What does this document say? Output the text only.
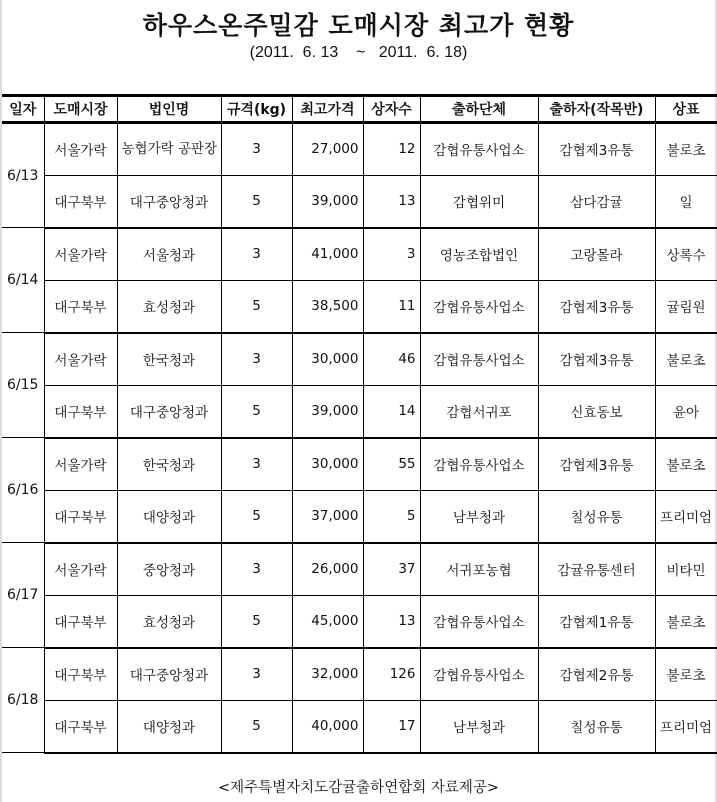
하우스온주밀감 도매시장 최고가 현황
(2011.  6. 13    ~   2011.  6. 18)
일자	도매시장	법인명	규격(kg)	최고가격	상자수	출하단체	출하자(작목반)	상표
6/13	서울가락	농협가락 공판장	3	27,000	12	감협유통사업소	감협제3유통	불로초
	대구북부	대구중앙청과	5	39,000	13	감협위미	삼다감귤	일
6/14	서울가락	서울청과	3	41,000	3	영농조합법인	고랑몰라	상록수
	대구북부	효성청과	5	38,500	11	감협유통사업소	감협제3유통	귤림원
6/15	서울가락	한국청과	3	30,000	46	감협유통사업소	감협제3유통	불로초
	대구북부	대구중앙청과	5	39,000	14	감협서귀포	신효동보	윤아
6/16	서울가락	한국청과	3	30,000	55	감협유통사업소	감협제3유통	불로초
	대구북부	대양청과	5	37,000	5	남부청과	칠성유통	프리미엄
6/17	서울가락	중앙청과	3	26,000	37	서귀포농협	감귤유통센터	비타민
	대구북부	효성청과	5	45,000	13	감협유통사업소	감협제1유통	불로초
6/18	대구북부	대구중앙청과	3	32,000	126	감협유통사업소	감협제2유통	불로초
	대구북부	대양청과	5	40,000	17	남부청과	칠성유통	프리미엄
<제주특별자치도감귤출하연합회 자료제공>
